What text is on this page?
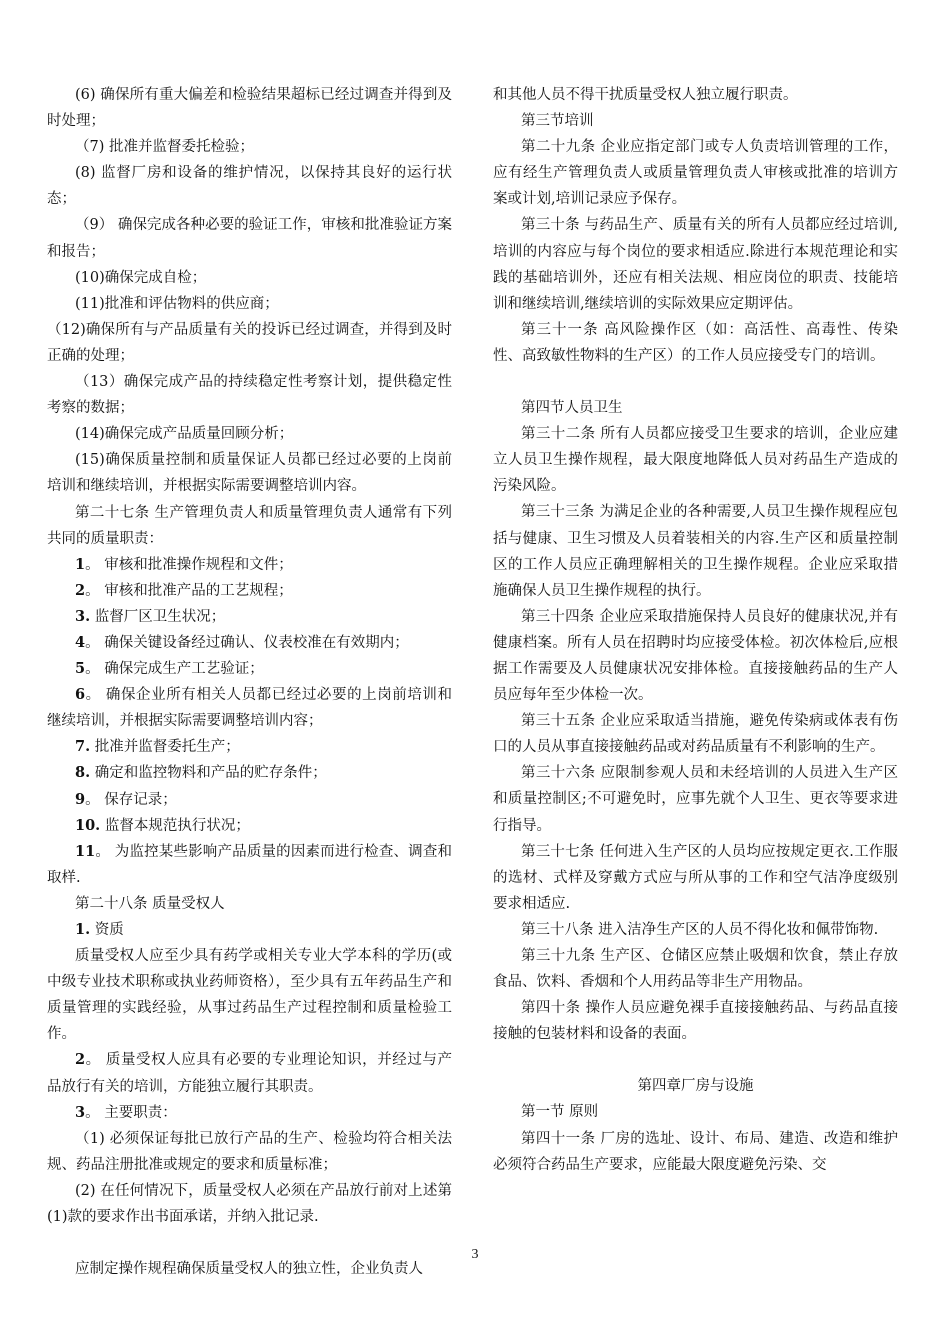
(6) 确保所有重大偏差和检验结果超标已经过调查并得到及时处理；

（7) 批准并监督委托检验；

(8) 监督厂房和设备的维护情况，以保持其良好的运行状态；

（9） 确保完成各种必要的验证工作，审核和批准验证方案和报告；

(10)确保完成自检；

(11)批准和评估物料的供应商；

（12)确保所有与产品质量有关的投诉已经过调查，并得到及时正确的处理；

（13）确保完成产品的持续稳定性考察计划，提供稳定性考察的数据；

(14)确保完成产品质量回顾分析；

(15)确保质量控制和质量保证人员都已经过必要的上岗前培训和继续培训，并根据实际需要调整培训内容。

第二十七条 生产管理负责人和质量管理负责人通常有下列共同的质量职责：

1。 审核和批准操作规程和文件；

2。 审核和批准产品的工艺规程；

3. 监督厂区卫生状况；

4。 确保关键设备经过确认、仪表校准在有效期内；

5。 确保完成生产工艺验证；

6。 确保企业所有相关人员都已经过必要的上岗前培训和继续培训，并根据实际需要调整培训内容；

7. 批准并监督委托生产；

8. 确定和监控物料和产品的贮存条件；

9。 保存记录；

10. 监督本规范执行状况；

11。 为监控某些影响产品质量的因素而进行检查、调查和取样.

第二十八条 质量受权人

1. 资质

质量受权人应至少具有药学或相关专业大学本科的学历(或中级专业技术职称或执业药师资格），至少具有五年药品生产和质量管理的实践经验，从事过药品生产过程控制和质量检验工作。

2。 质量受权人应具有必要的专业理论知识，并经过与产品放行有关的培训，方能独立履行其职责。

3。 主要职责：

（1) 必须保证每批已放行产品的生产、检验均符合相关法规、药品注册批准或规定的要求和质量标准；

(2) 在任何情况下，质量受权人必须在产品放行前对上述第(1)款的要求作出书面承诺，并纳入批记录.

应制定操作规程确保质量受权人的独立性，企业负责人

和其他人员不得干扰质量受权人独立履行职责。

第三节培训

第二十九条 企业应指定部门或专人负责培训管理的工作，应有经生产管理负责人或质量管理负责人审核或批准的培训方案或计划,培训记录应予保存。

第三十条 与药品生产、质量有关的所有人员都应经过培训,培训的内容应与每个岗位的要求相适应.除进行本规范理论和实践的基础培训外，还应有相关法规、相应岗位的职责、技能培训和继续培训,继续培训的实际效果应定期评估。

第三十一条 高风险操作区（如：高活性、高毒性、传染性、高致敏性物料的生产区）的工作人员应接受专门的培训。

第四节人员卫生

第三十二条 所有人员都应接受卫生要求的培训，企业应建立人员卫生操作规程，最大限度地降低人员对药品生产造成的污染风险。

第三十三条 为满足企业的各种需要,人员卫生操作规程应包括与健康、卫生习惯及人员着装相关的内容.生产区和质量控制区的工作人员应正确理解相关的卫生操作规程。企业应采取措施确保人员卫生操作规程的执行。

第三十四条 企业应采取措施保持人员良好的健康状况,并有健康档案。所有人员在招聘时均应接受体检。初次体检后,应根据工作需要及人员健康状况安排体检。直接接触药品的生产人员应每年至少体检一次。

第三十五条 企业应采取适当措施，避免传染病或体表有伤口的人员从事直接接触药品或对药品质量有不利影响的生产。

第三十六条 应限制参观人员和未经培训的人员进入生产区和质量控制区;不可避免时，应事先就个人卫生、更衣等要求进行指导。

第三十七条 任何进入生产区的人员均应按规定更衣.工作服的选材、式样及穿戴方式应与所从事的工作和空气洁净度级别要求相适应.

第三十八条 进入洁净生产区的人员不得化妆和佩带饰物.

第三十九条 生产区、仓储区应禁止吸烟和饮食，禁止存放食品、饮料、香烟和个人用药品等非生产用物品。

第四十条 操作人员应避免裸手直接接触药品、与药品直接接触的包装材料和设备的表面。

第四章厂房与设施

第一节 原则

第四十一条 厂房的选址、设计、布局、建造、改造和维护必须符合药品生产要求，应能最大限度避免污染、交

3
